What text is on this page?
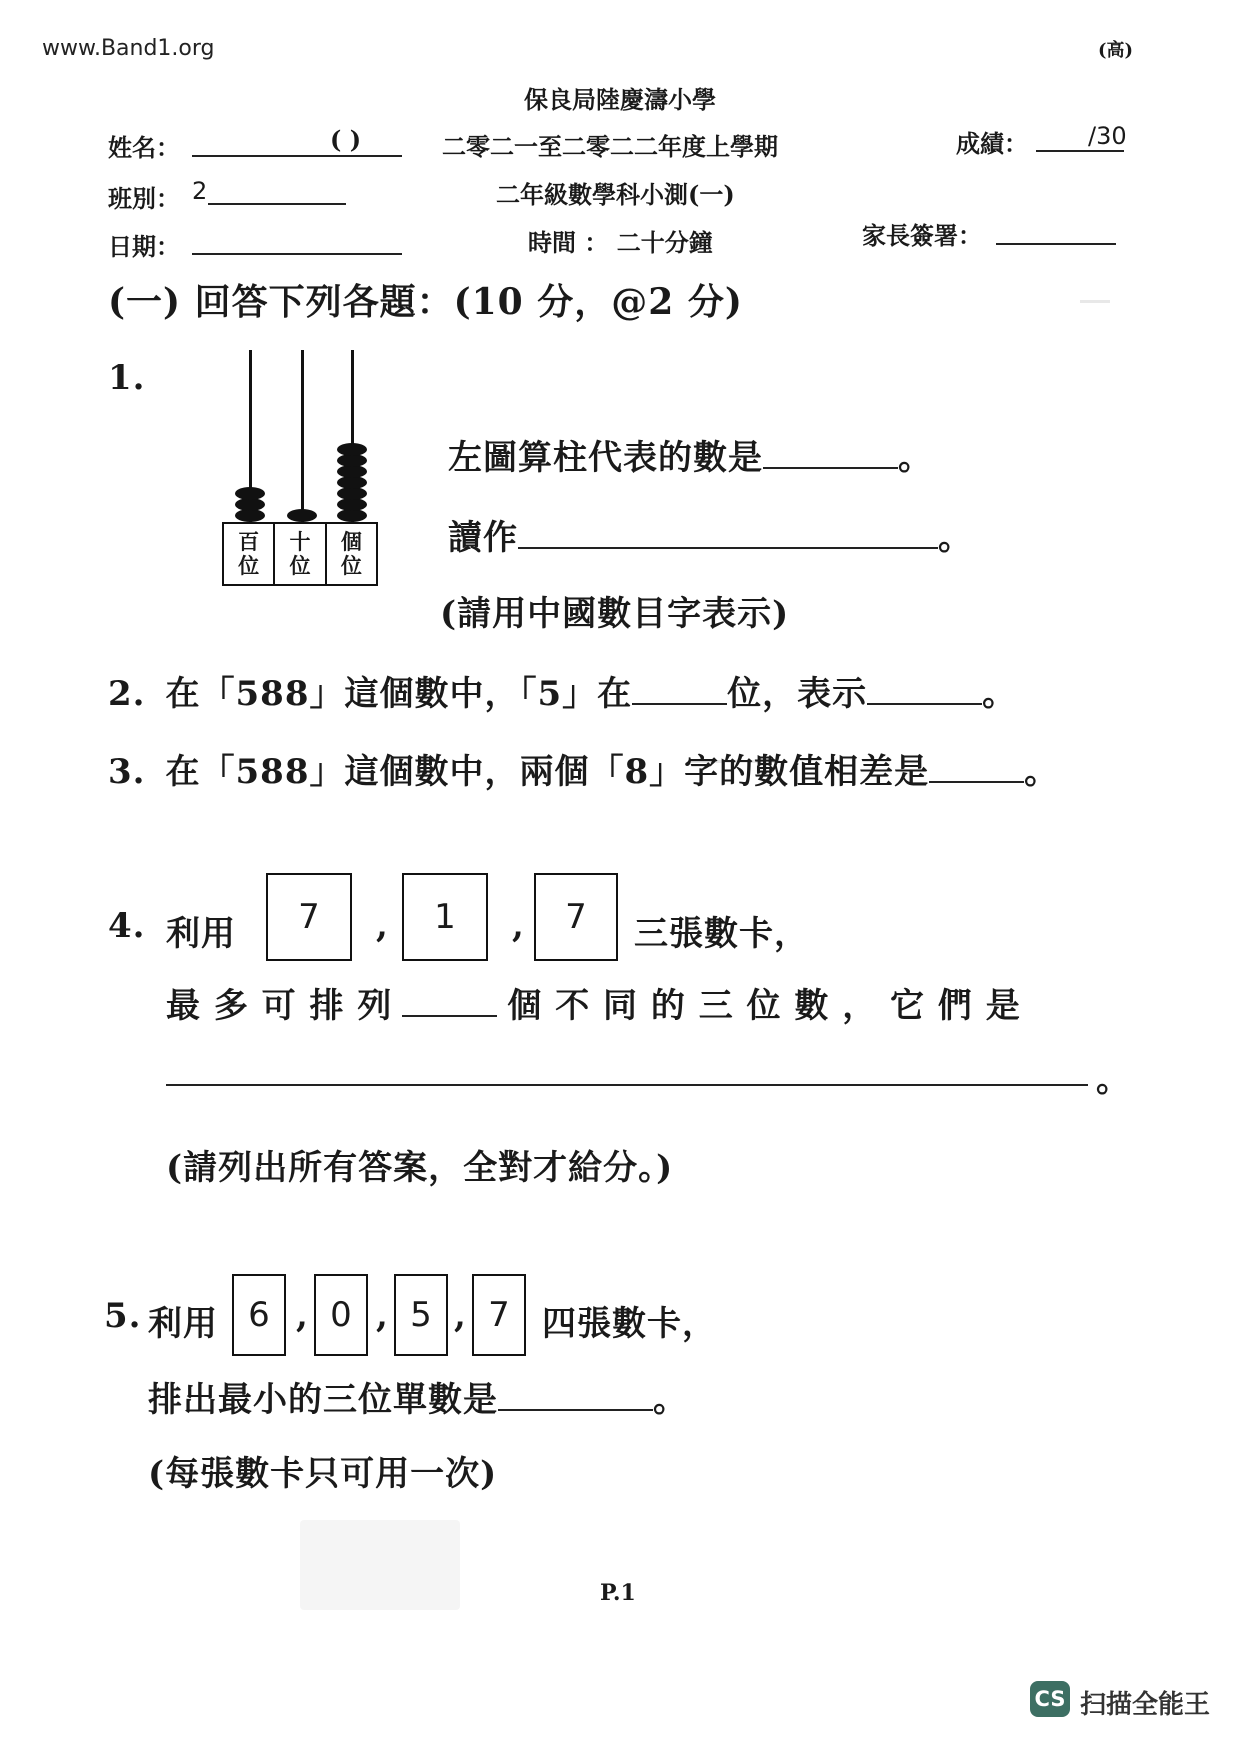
www.Band1.org	(高)
保良局陸慶濤小學
姓名：	( )	二零二一至二零二二年度上學期	成績：	/30
班別： 2	二年級數學科小測(一)
日期：	時間 ： 二十分鐘	家長簽署：
(一) 回答下列各題：(10 分，@2 分)
1.
百
位
十
位
個
位
左圖算柱代表的數是	。
讀作	。
(請用中國數目字表示)
2. 在「588」這個數中，「5」在	位，表示	。
3. 在「588」這個數中，兩個「8」字的數值相差是	。
4. 利用	7	,	1	,	7	三張數卡，
最 多 可 排 列	個 不 同 的 三 位 數 ， 它 們 是
。
(請列出所有答案，全對才給分。)
5. 利用 6 , 0 , 5 , 7 四張數卡，
排出最小的三位單數是	。
(每張數卡只可用一次)
P.1
CS 扫描全能王
